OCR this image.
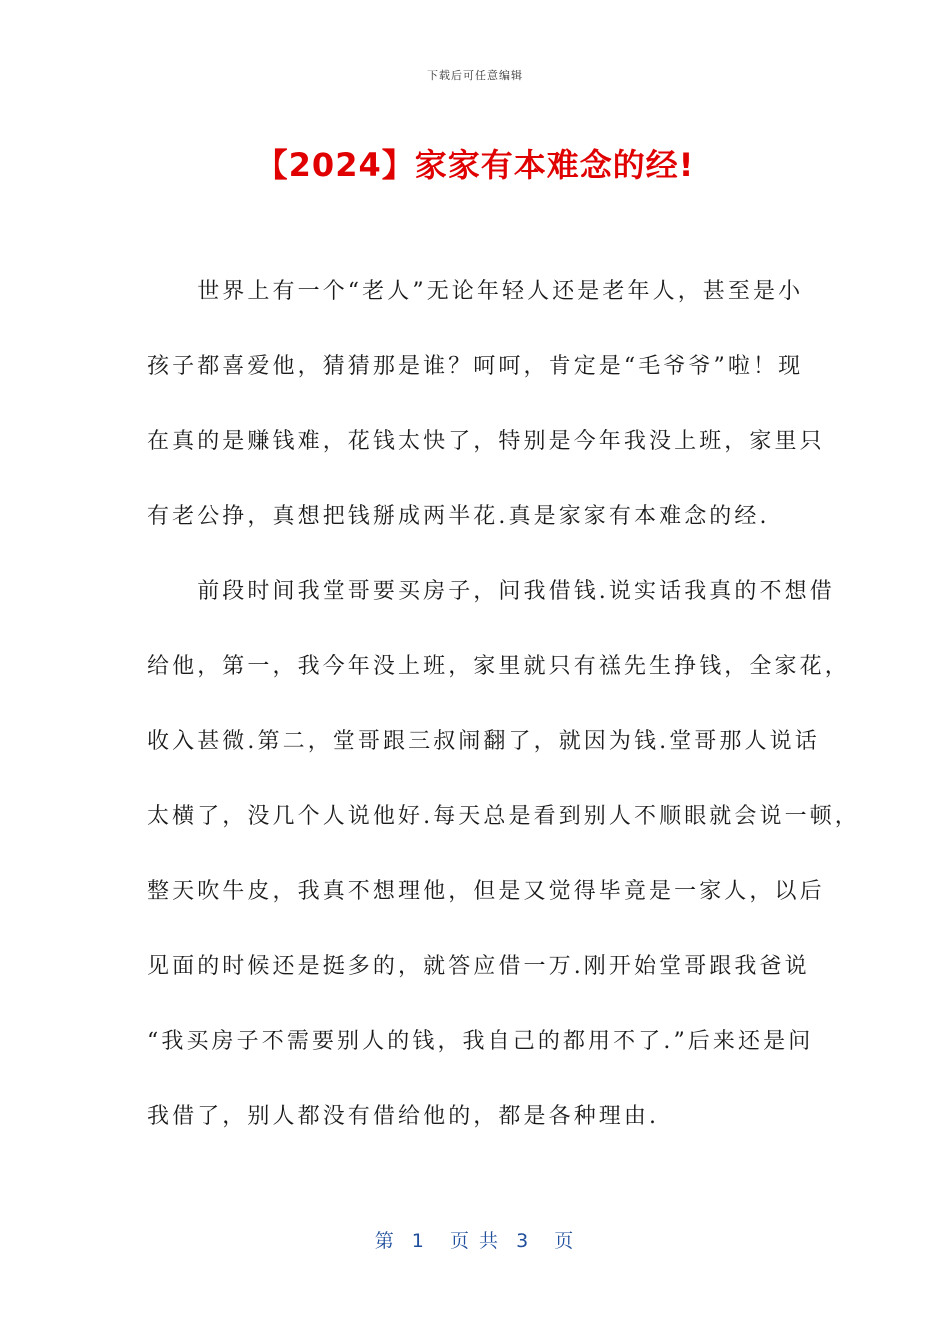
下载后可任意编辑
【2024】家家有本难念的经!
　　世界上有一个“老人”无论年轻人还是老年人，甚至是小
孩子都喜爱他，猜猜那是谁？呵呵，肯定是“毛爷爷”啦！现
在真的是赚钱难，花钱太快了，特别是今年我没上班，家里只
有老公挣，真想把钱掰成两半花.真是家家有本难念的经.
　　前段时间我堂哥要买房子，问我借钱.说实话我真的不想借
给他，第一，我今年没上班，家里就只有禚先生挣钱，全家花，
收入甚微.第二，堂哥跟三叔闹翻了，就因为钱.堂哥那人说话
太横了，没几个人说他好.每天总是看到别人不顺眼就会说一顿，
整天吹牛皮，我真不想理他，但是又觉得毕竟是一家人，以后
见面的时候还是挺多的，就答应借一万.刚开始堂哥跟我爸说
“我买房子不需要别人的钱，我自己的都用不了.”后来还是问
我借了，别人都没有借给他的，都是各种理由.
第  1   页 共  3   页
